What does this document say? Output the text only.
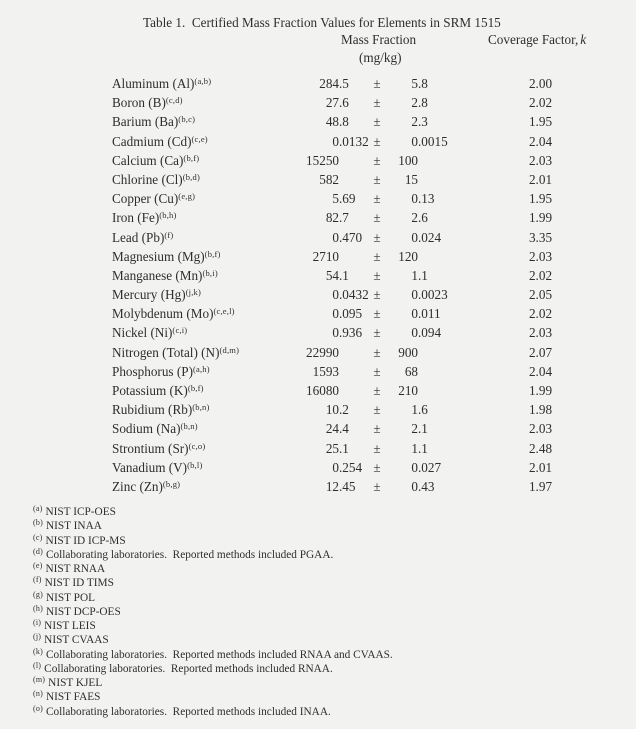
Table 1.  Certified Mass Fraction Values for Elements in SRM 1515
Mass Fraction
(mg/kg)
Coverage Factor, k
Aluminum $(Al)^{(a,b)}$	284 .5	±	5 .8	2.00
Boron $(B)^{(c,d)}$	27 .6	±	2 .8	2.02
Barium $(Ba)^{(b,c)}$	48 .8	±	2 .3	1.95
Cadmium $(Cd)^{(c,e)}$	0 .0132 ±	0 .0015	2.04
Calcium $(Ca)^{(b,f)}$	15250	±	100	2.03
Chlorine $(Cl)^{(b,d)}$	582	±	15	2.01
Copper $(Cu)^{(e,g)}$	5 .69	±	0 .13	1.95
Iron $(Fe)^{(b,h)}$	82 .7	±	2 .6	1.99
Lead $(Pb)^{(f)}$	0 .470 ±	0 .024	3.35
Magnesium $(Mg)^{(b,f)}$	2710	±	120	2.03
Manganese $(Mn)^{(b,i)}$	54 .1	±	1 .1	2.02
Mercury $(Hg)^{(j,k)}$	0 .0432 ±	0 .0023	2.05
Molybdenum $(Mo)^{(c,e,l)}$	0 .095 ±	0 .011	2.02
Nickel $(Ni)^{(c,i)}$	0 .936 ±	0 .094	2.03
Nitrogen (Total) $(N)^{(d,m)}$	22990	±	900	2.07
Phosphorus $(P)^{(a,h)}$	1593	±	68	2.04
Potassium $(K)^{(b,f)}$	16080	±	210	1.99
Rubidium $(Rb)^{(b,n)}$	10 .2	±	1 .6	1.98
Sodium $(Na)^{(b,n)}$	24 .4	±	2 .1	2.03
Strontium $(Sr)^{(c,o)}$	25 .1	±	1 .1	2.48
Vanadium $(V)^{(b,l)}$	0 .254 ±	0 .027	2.01
Zinc $(Zn)^{(b,g)}$	12 .45	±	0 .43	1.97
$^{(a)}$ NIST ICP-OES
$^{(b)}$ NIST INAA
$^{(c)}$ NIST ID ICP-MS
$^{(d)}$ Collaborating laboratories.  Reported methods included PGAA.
$^{(e)}$ NIST RNAA
$^{(f)}$ NIST ID TIMS
$^{(g)}$ NIST POL
$^{(h)}$ NIST DCP-OES
$^{(i)}$ NIST LEIS
$^{(j)}$ NIST CVAAS
$^{(k)}$ Collaborating laboratories.  Reported methods included RNAA and CVAAS.
$^{(l)}$ Collaborating laboratories.  Reported methods included RNAA.
$^{(m)}$ NIST KJEL
$^{(n)}$ NIST FAES
$^{(o)}$ Collaborating laboratories.  Reported methods included INAA.
